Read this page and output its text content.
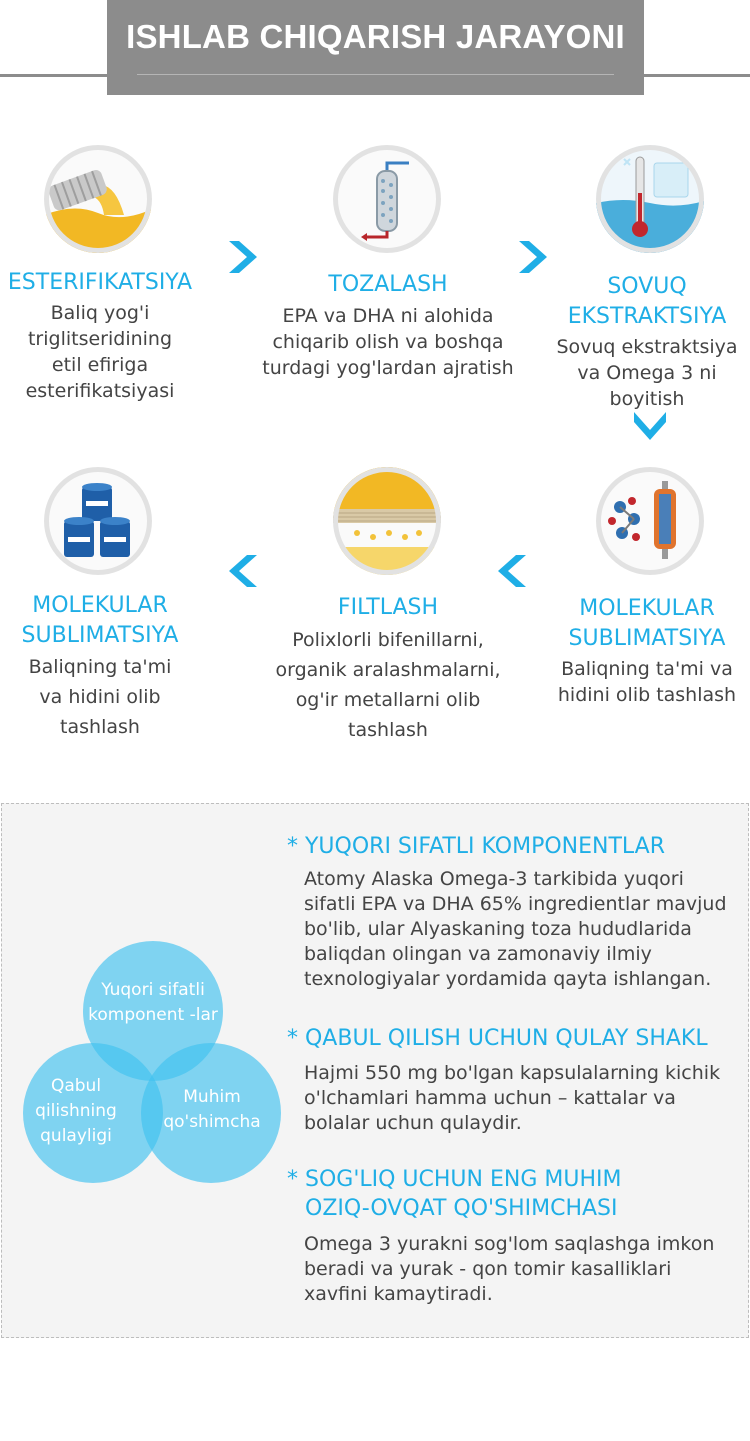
ISHLAB CHIQARISH JARAYONI
ESTERIFIKATSIYA
Baliq yog'i triglitseridining etil efiriga esterifikatsiyasi
TOZALASH
EPA va DHA ni alohida chiqarib olish va boshqa turdagi yog'lardan ajratish
SOVUQ EKSTRAKTSIYA
Sovuq ekstraktsiya va Omega 3 ni boyitish
MOLEKULAR SUBLIMATSIYA
Baliqning ta'mi va hidini olib tashlash
FILTLASH
Polixlorli bifenillarni, organik aralashmalarni, og'ir metallarni olib tashlash
MOLEKULAR SUBLIMATSIYA
Baliqning ta'mi va hidini olib tashlash
Yuqori sifatli komponent -lar
Qabul qilishning qulayligi
Muhim qo'shimcha
* YUQORI SIFATLI KOMPONENTLAR
Atomy Alaska Omega-3 tarkibida yuqori sifatli EPA va DHA 65% ingredientlar mavjud bo'lib, ular Alyaskaning toza hududlarida baliqdan olingan va zamonaviy ilmiy texnologiyalar yordamida qayta ishlangan.
* QABUL QILISH UCHUN QULAY SHAKL
Hajmi 550 mg bo'lgan kapsulalarning kichik o'lchamlari hamma uchun – kattalar va bolalar uchun qulaydir.
* SOG'LIQ UCHUN ENG MUHIM OZIQ-OVQAT QO'SHIMCHASI
Omega 3 yurakni sog'lom saqlashga imkon beradi va yurak - qon tomir kasalliklari xavfini kamaytiradi.
